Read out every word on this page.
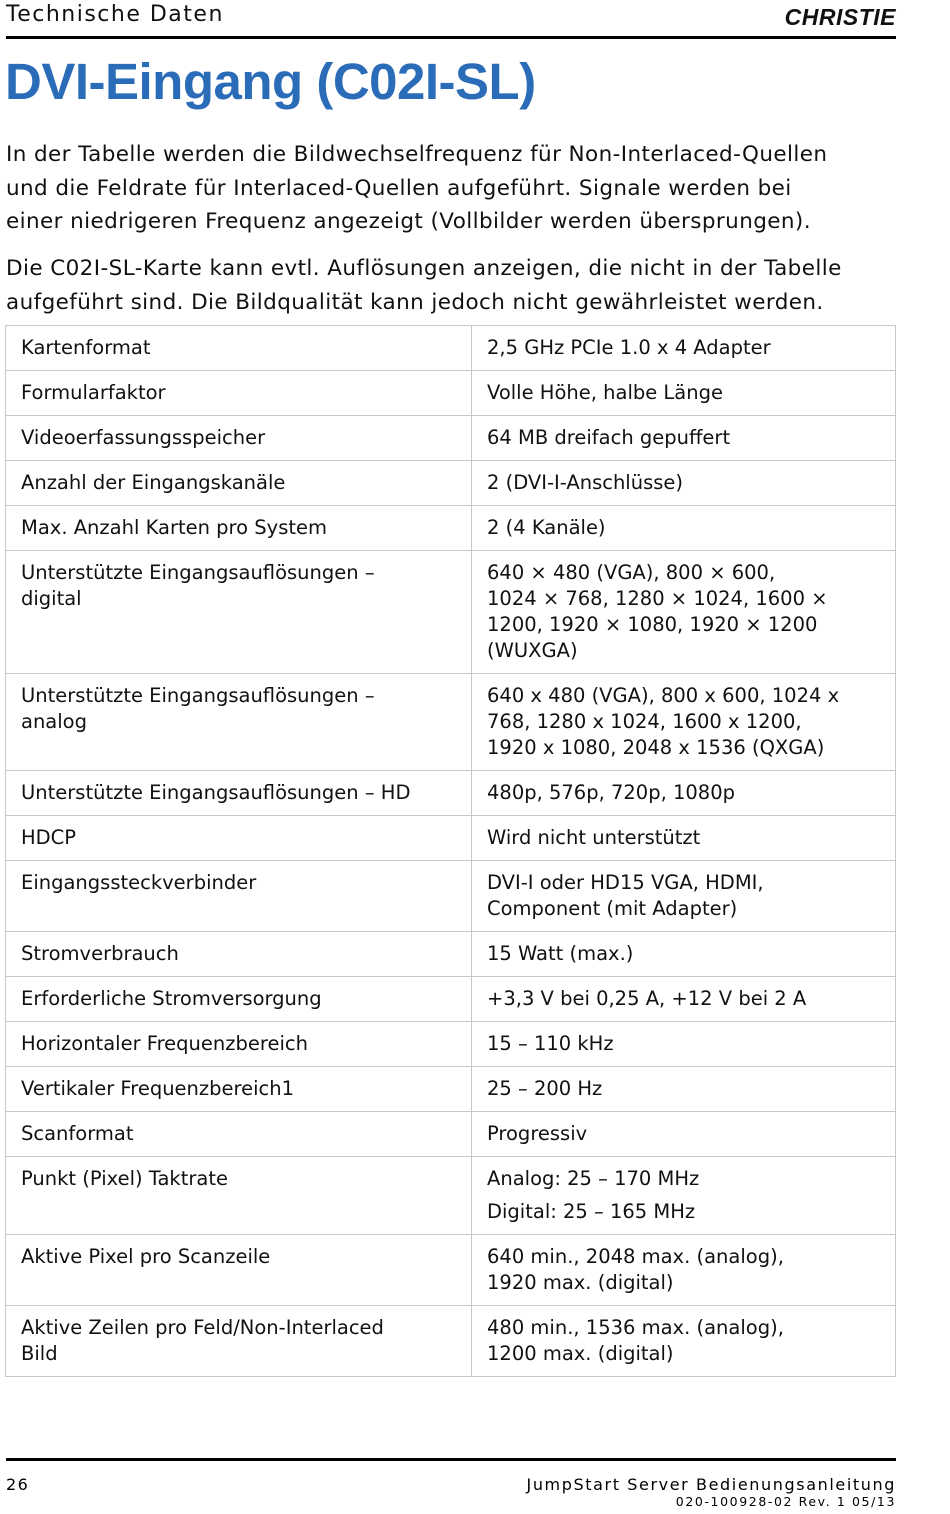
Technische Daten	CHRISTIE
DVI-Eingang (C02I-SL)

In der Tabelle werden die Bildwechselfrequenz für Non-Interlaced-Quellen
und die Feldrate für Interlaced-Quellen aufgeführt. Signale werden bei
einer niedrigeren Frequenz angezeigt (Vollbilder werden übersprungen).

Die C02I-SL-Karte kann evtl. Auflösungen anzeigen, die nicht in der Tabelle
aufgeführt sind. Die Bildqualität kann jedoch nicht gewährleistet werden.

Kartenformat	2,5 GHz PCIe 1.0 x 4 Adapter

Formularfaktor	Volle Höhe, halbe Länge

Videoerfassungsspeicher	64 MB dreifach gepuffert

Anzahl der Eingangskanäle	2 (DVI-I-Anschlüsse)

Max. Anzahl Karten pro System	2 (4 Kanäle)

Unterstützte Eingangsauflösungen –
digital	640 × 480 (VGA), 800 × 600,
1024 × 768, 1280 × 1024, 1600 ×
1200, 1920 × 1080, 1920 × 1200
(WUXGA)

Unterstützte Eingangsauflösungen –
analog	640 x 480 (VGA), 800 x 600, 1024 x
768, 1280 x 1024, 1600 x 1200,
1920 x 1080, 2048 x 1536 (QXGA)

Unterstützte Eingangsauflösungen – HD	480p, 576p, 720p, 1080p

HDCP	Wird nicht unterstützt

Eingangssteckverbinder	DVI-I oder HD15 VGA, HDMI,
Component (mit Adapter)

Stromverbrauch	15 Watt (max.)

Erforderliche Stromversorgung	+3,3 V bei 0,25 A, +12 V bei 2 A

Horizontaler Frequenzbereich	15 – 110 kHz

Vertikaler Frequenzbereich1	25 – 200 Hz

Scanformat	Progressiv

Punkt (Pixel) Taktrate	Analog: 25 – 170 MHz
Digital: 25 – 165 MHz

Aktive Pixel pro Scanzeile	640 min., 2048 max. (analog),
1920 max. (digital)

Aktive Zeilen pro Feld/Non-Interlaced
Bild	480 min., 1536 max. (analog),
1200 max. (digital)
26	JumpStart Server Bedienungsanleitung
020-100928-02 Rev. 1 05/13
